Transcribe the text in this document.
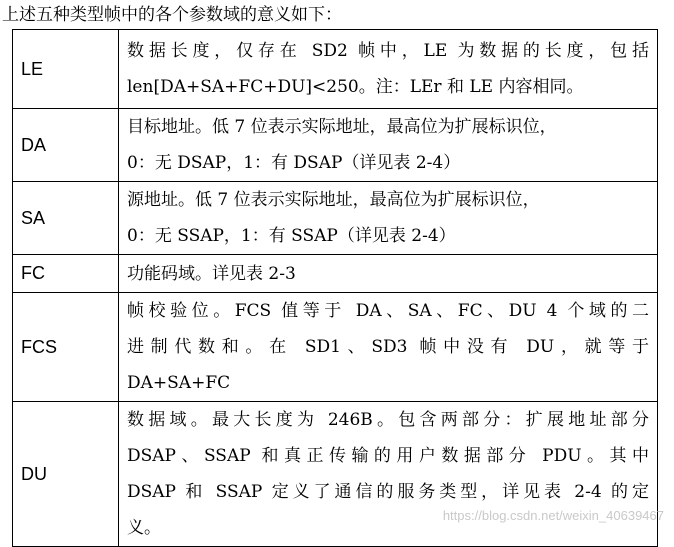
上述五种类型帧中的各个参数域的意义如下：
LE	数据长度，仅存在 SD2 帧中，LE 为数据的长度，包括
len[DA+SA+FC+DU]<250。注：LEr 和 LE 内容相同。

DA	目标地址。低 7 位表示实际地址，最高位为扩展标识位，
0：无 DSAP，1：有 DSAP（详见表 2-4）

SA	源地址。低 7 位表示实际地址，最高位为扩展标识位，
0：无 SSAP，1：有 SSAP（详见表 2-4）

FC	功能码域。详见表 2-3

FCS	帧校验位。FCS 值等于 DA、SA、FC、DU 4 个域的二
进制代数和。在 SD1、SD3 帧中没有 DU，就等于
DA+SA+FC

DU	数据域。最大长度为 246B。包含两部分：扩展地址部分
DSAP、SSAP 和真正传输的用户数据部分 PDU。其中
DSAP 和 SSAP 定义了通信的服务类型，详见表 2-4 的定
义。
https://blog.csdn.net/weixin_40639467
